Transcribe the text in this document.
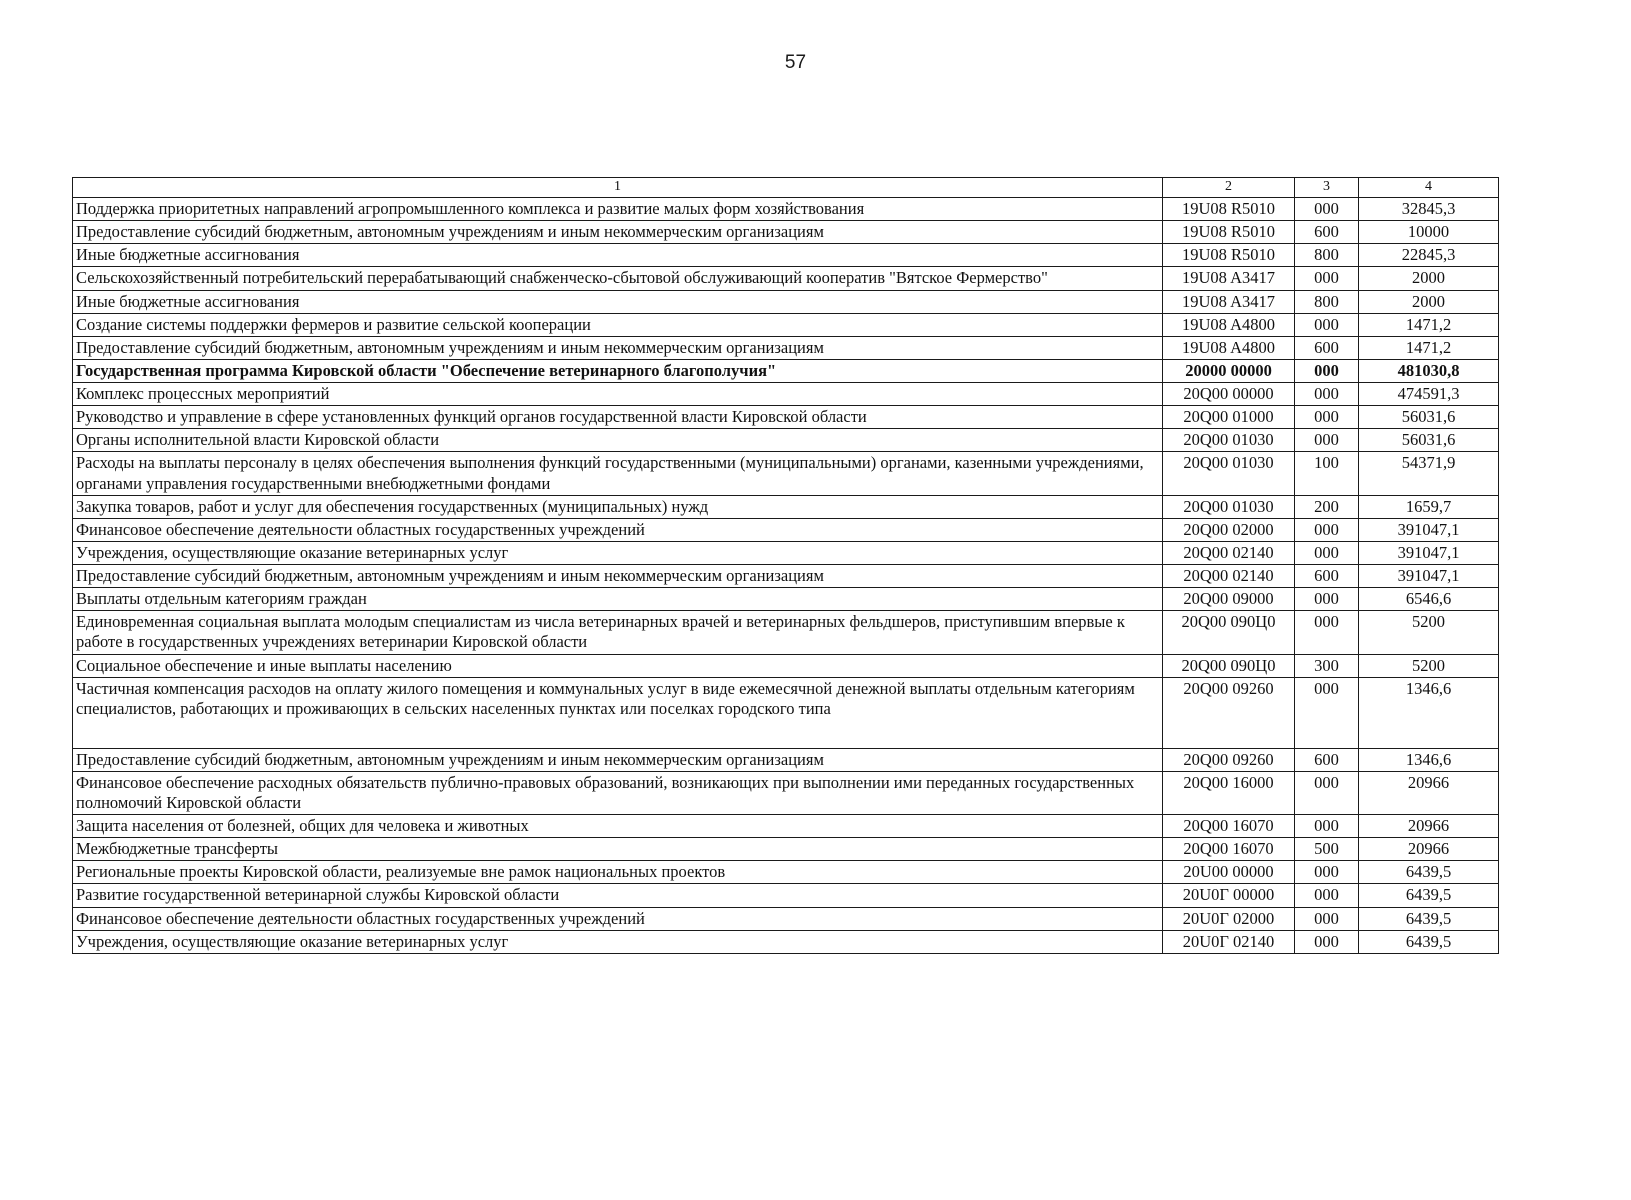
57
1	2	3	4
Поддержка приоритетных направлений агропромышленного комплекса и развитие малых форм хозяйствования	19U08 R5010	000	32845,3
Предоставление субсидий бюджетным, автономным учреждениям и иным некоммерческим организациям	19U08 R5010	600	10000
Иные бюджетные ассигнования	19U08 R5010	800	22845,3
Сельскохозяйственный потребительский перерабатывающий снабженческо-сбытовой обслуживающий кооператив "Вятское Фермерство"	19U08 A3417	000	2000
Иные бюджетные ассигнования	19U08 A3417	800	2000
Создание системы поддержки фермеров и развитие сельской кооперации	19U08 A4800	000	1471,2
Предоставление субсидий бюджетным, автономным учреждениям и иным некоммерческим организациям	19U08 A4800	600	1471,2
Государственная программа Кировской области "Обеспечение ветеринарного благополучия"	20000 00000	000	481030,8
Комплекс процессных мероприятий	20Q00 00000	000	474591,3
Руководство и управление в сфере установленных функций органов государственной власти Кировской области	20Q00 01000	000	56031,6
Органы исполнительной власти Кировской области	20Q00 01030	000	56031,6
Расходы на выплаты персоналу в целях обеспечения выполнения функций государственными (муниципальными) органами, казенными учреждениями, органами управления государственными внебюджетными фондами	20Q00 01030	100	54371,9
Закупка товаров, работ и услуг для обеспечения государственных (муниципальных) нужд	20Q00 01030	200	1659,7
Финансовое обеспечение деятельности областных государственных учреждений	20Q00 02000	000	391047,1
Учреждения, осуществляющие оказание ветеринарных услуг	20Q00 02140	000	391047,1
Предоставление субсидий бюджетным, автономным учреждениям и иным некоммерческим организациям	20Q00 02140	600	391047,1
Выплаты отдельным категориям граждан	20Q00 09000	000	6546,6
Единовременная социальная выплата молодым специалистам из числа ветеринарных врачей и ветеринарных фельдшеров, приступившим впервые к работе в государственных учреждениях ветеринарии Кировской области	20Q00 090Ц0	000	5200
Социальное обеспечение и иные выплаты населению	20Q00 090Ц0	300	5200
Частичная компенсация расходов на оплату жилого помещения и коммунальных услуг в виде ежемесячной денежной выплаты отдельным категориям специалистов, работающих и проживающих в сельских населенных пунктах или поселках городского типа	20Q00 09260	000	1346,6
Предоставление субсидий бюджетным, автономным учреждениям и иным некоммерческим организациям	20Q00 09260	600	1346,6
Финансовое обеспечение расходных обязательств публично-правовых образований, возникающих при выполнении ими переданных государственных полномочий Кировской области	20Q00 16000	000	20966
Защита населения от болезней, общих для человека и животных	20Q00 16070	000	20966
Межбюджетные трансферты	20Q00 16070	500	20966
Региональные проекты Кировской области, реализуемые вне рамок национальных проектов	20U00 00000	000	6439,5
Развитие государственной ветеринарной службы Кировской области	20U0Г 00000	000	6439,5
Финансовое обеспечение деятельности областных государственных учреждений	20U0Г 02000	000	6439,5
Учреждения, осуществляющие оказание ветеринарных услуг	20U0Г 02140	000	6439,5
